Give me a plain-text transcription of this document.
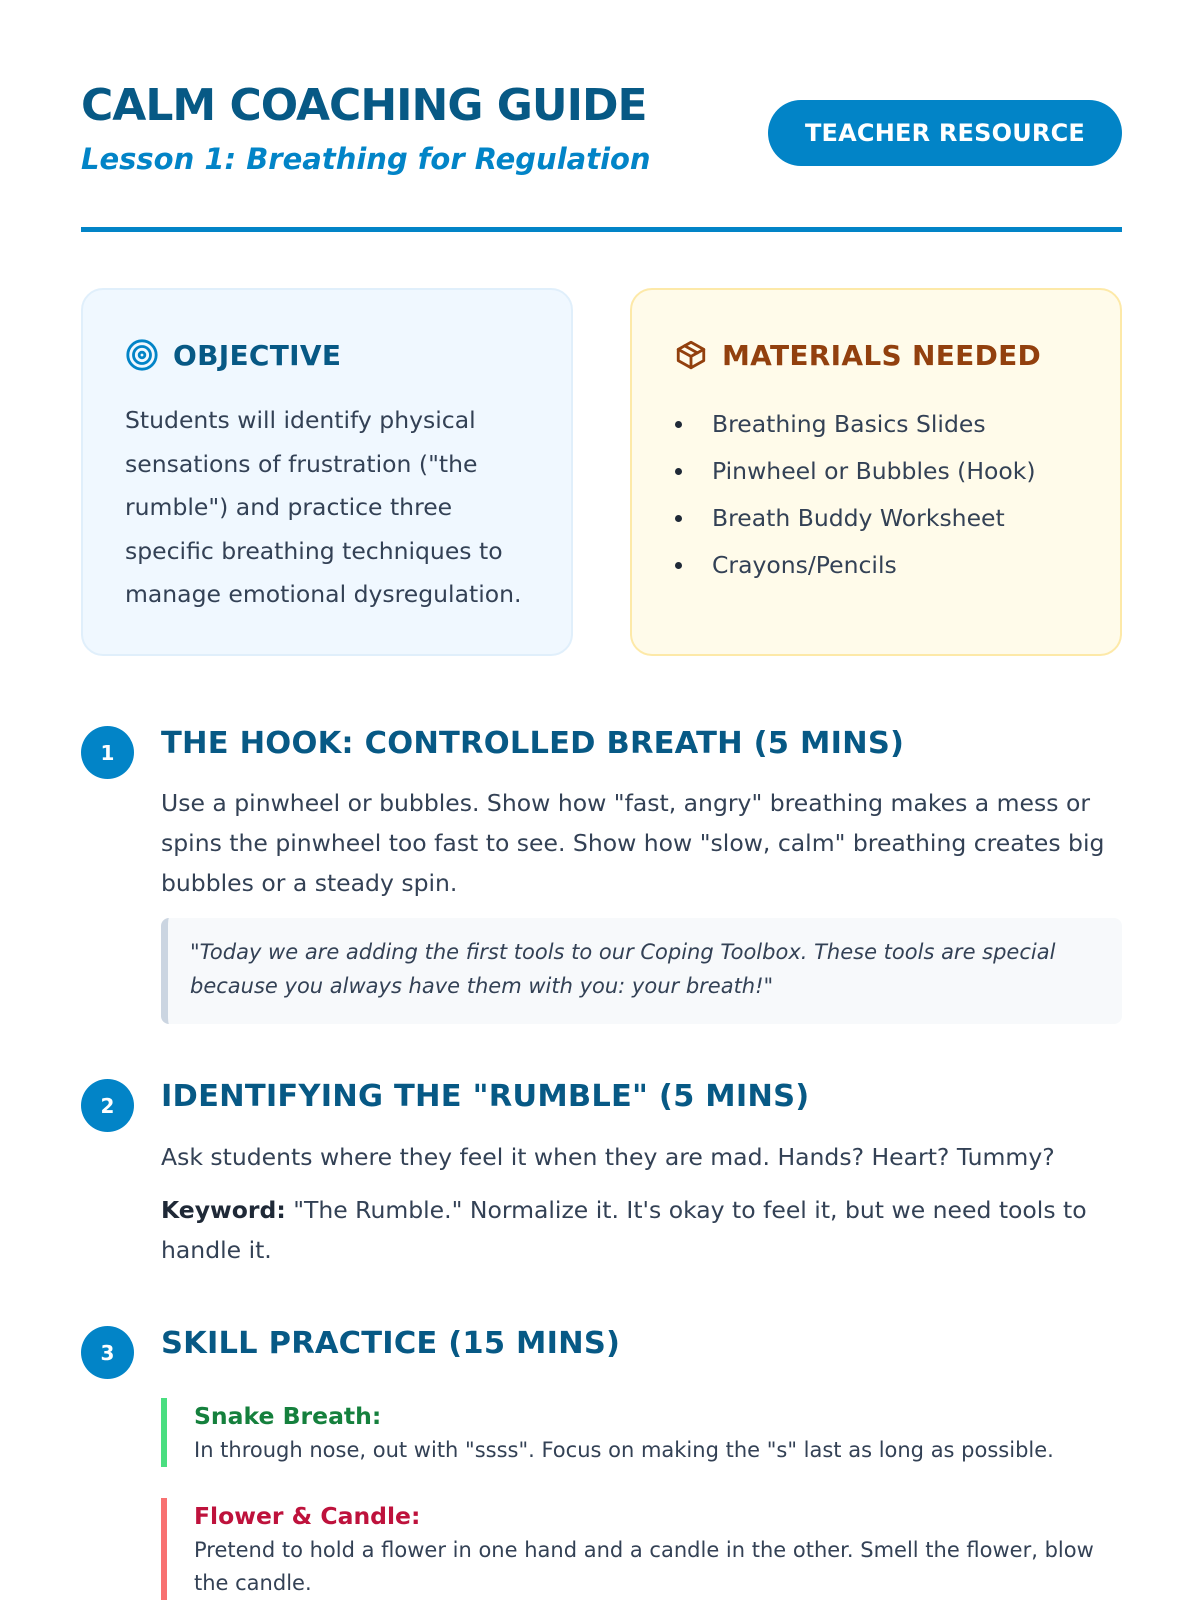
CALM COACHING GUIDE
Lesson 1: Breathing for Regulation
TEACHER RESOURCE
OBJECTIVE

Students will identify physical sensations of frustration ("the rumble") and practice three specific breathing techniques to manage emotional dysregulation.

MATERIALS NEEDED
Breathing Basics Slides
Pinwheel or Bubbles (Hook)
Breath Buddy Worksheet
Crayons/Pencils
1	THE HOOK: CONTROLLED BREATH (5 MINS)

Use a pinwheel or bubbles. Show how "fast, angry" breathing makes a mess or spins the pinwheel too fast to see. Show how "slow, calm" breathing creates big bubbles or a steady spin.

"Today we are adding the first tools to our Coping Toolbox. These tools are special because you always have them with you: your breath!"
2	IDENTIFYING THE "RUMBLE" (5 MINS)

Ask students where they feel it when they are mad. Hands? Heart? Tummy?

Keyword: "The Rumble." Normalize it. It's okay to feel it, but we need tools to handle it.

3	SKILL PRACTICE (15 MINS)
Snake Breath:
In through nose, out with "ssss". Focus on making the "s" last as long as possible.
Flower & Candle:
Pretend to hold a flower in one hand and a candle in the other. Smell the flower, blow the candle.
